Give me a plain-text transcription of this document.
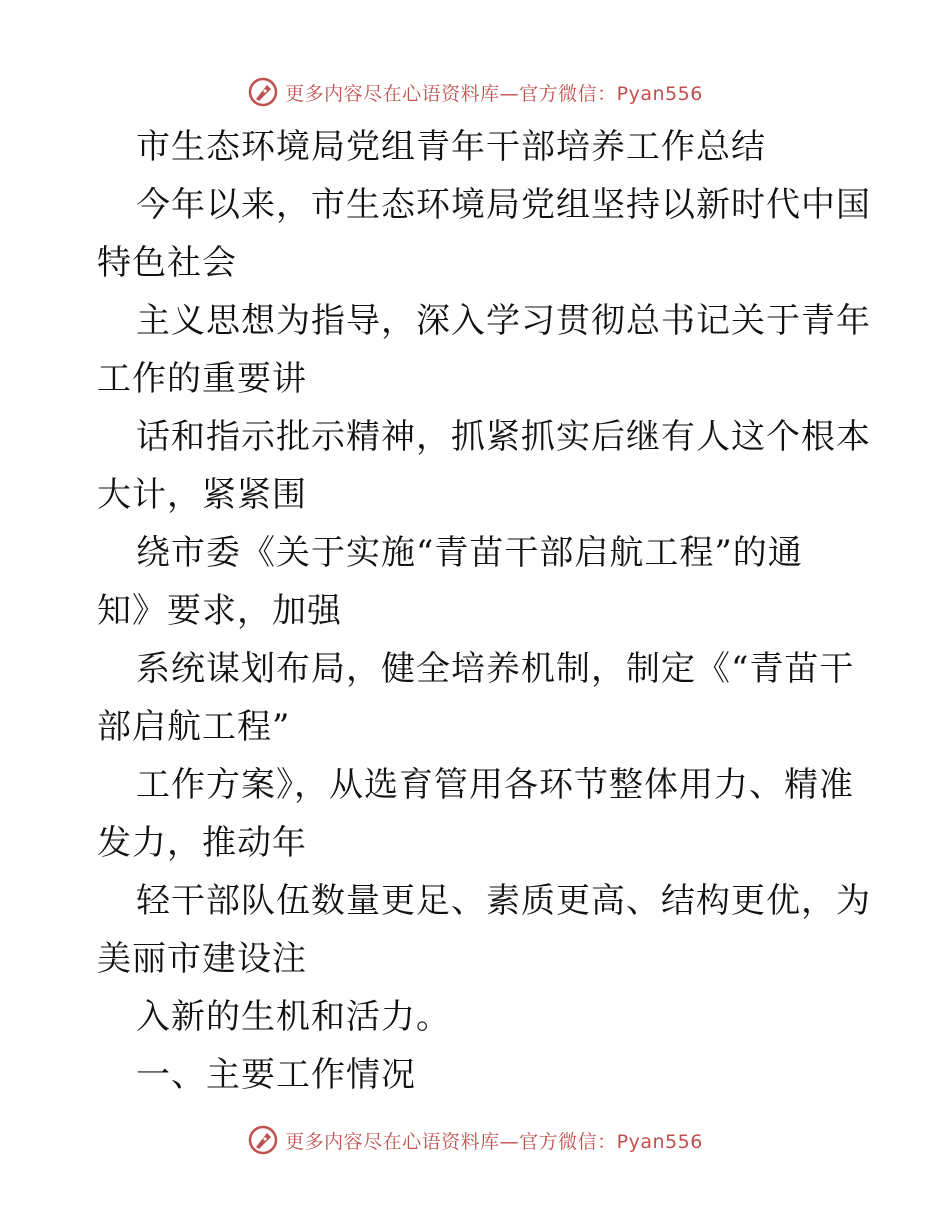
更多内容尽在心语资料库—官方微信：Pyan556
市生态环境局党组青年干部培养工作总结
今年以来，市生态环境局党组坚持以新时代中国
特色社会
主义思想为指导，深入学习贯彻总书记关于青年
工作的重要讲
话和指示批示精神，抓紧抓实后继有人这个根本
大计，紧紧围
绕市委《关于实施“青苗干部启航工程”的通
知》要求，加强
系统谋划布局，健全培养机制，制定《“青苗干
部启航工程”
工作方案》，从选育管用各环节整体用力、精准
发力，推动年
轻干部队伍数量更足、素质更高、结构更优，为
美丽市建设注
入新的生机和活力。
一、主要工作情况
更多内容尽在心语资料库—官方微信：Pyan556
